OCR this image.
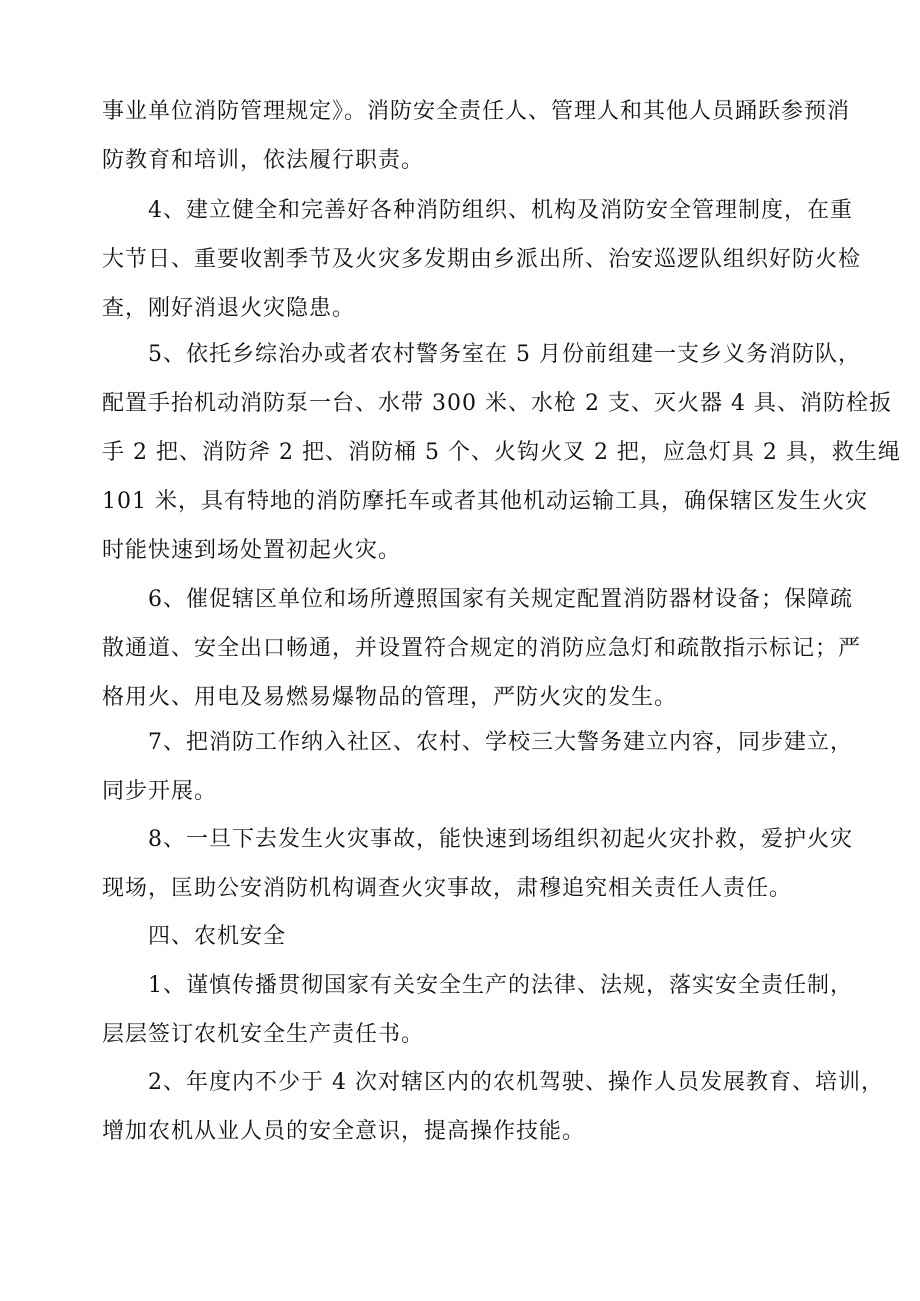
事业单位消防管理规定》。消防安全责任人、管理人和其他人员踊跃参预消
防教育和培训，依法履行职责。

　　4、建立健全和完善好各种消防组织、机构及消防安全管理制度，在重
大节日、重要收割季节及火灾多发期由乡派出所、治安巡逻队组织好防火检
查，刚好消退火灾隐患。

　　5、依托乡综治办或者农村警务室在 5 月份前组建一支乡义务消防队，
配置手抬机动消防泵一台、水带 300 米、水枪 2 支、灭火器 4 具、消防栓扳
手 2 把、消防斧 2 把、消防桶 5 个、火钩火叉 2 把，应急灯具 2 具，救生绳
101 米，具有特地的消防摩托车或者其他机动运输工具，确保辖区发生火灾
时能快速到场处置初起火灾。

　　6、催促辖区单位和场所遵照国家有关规定配置消防器材设备；保障疏
散通道、安全出口畅通，并设置符合规定的消防应急灯和疏散指示标记；严
格用火、用电及易燃易爆物品的管理，严防火灾的发生。

　　7、把消防工作纳入社区、农村、学校三大警务建立内容，同步建立，
同步开展。

　　8、一旦下去发生火灾事故，能快速到场组织初起火灾扑救，爱护火灾
现场，匡助公安消防机构调查火灾事故，肃穆追究相关责任人责任。

　　四、农机安全

　　1、谨慎传播贯彻国家有关安全生产的法律、法规，落实安全责任制，
层层签订农机安全生产责任书。

　　2、年度内不少于 4 次对辖区内的农机驾驶、操作人员发展教育、培训，
增加农机从业人员的安全意识，提高操作技能。
